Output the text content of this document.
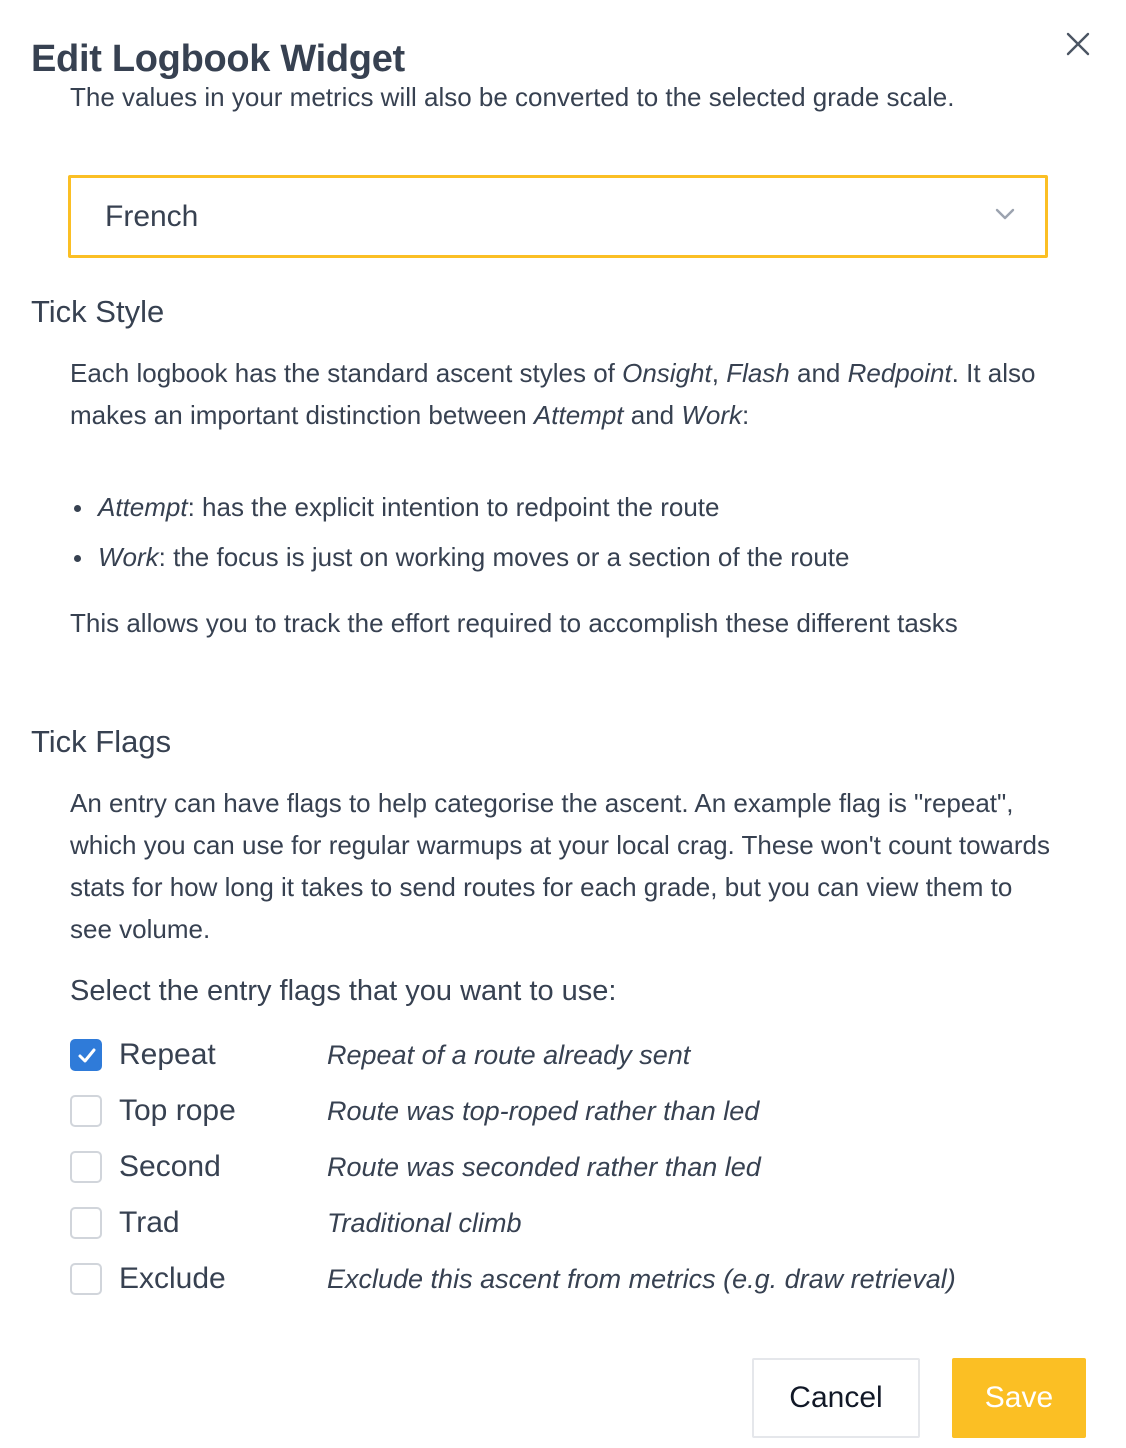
Edit Logbook Widget
The values in your metrics will also be converted to the selected grade scale.
French
Tick Style

Each logbook has the standard ascent styles of Onsight, Flash and Redpoint. It also makes an important distinction between Attempt and Work:

Attempt: has the explicit intention to redpoint the route
Work: the focus is just on working moves or a section of the route

This allows you to track the effort required to accomplish these different tasks

Tick Flags

An entry can have flags to help categorise the ascent. An example flag is "repeat", which you can use for regular warmups at your local crag. These won't count towards stats for how long it takes to send routes for each grade, but you can view them to see volume.

Select the entry flags that you want to use:
Repeat	Repeat of a route already sent
Top rope	Route was top-roped rather than led
Second	Route was seconded rather than led
Trad	Traditional climb
Exclude	Exclude this ascent from metrics (e.g. draw retrieval)
Cancel	Save
